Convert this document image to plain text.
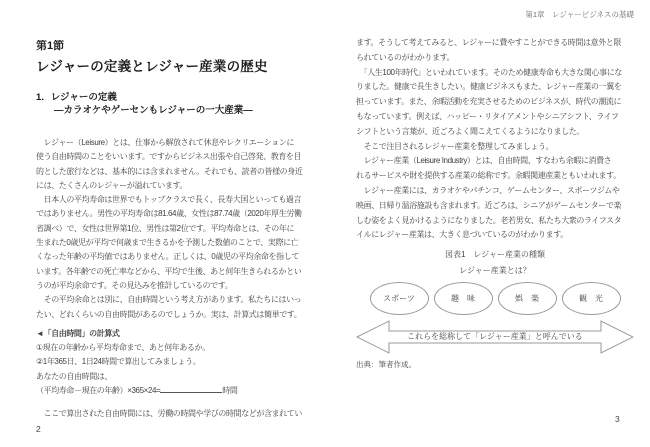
第1節
レジャーの定義とレジャー産業の歴史
1．レジャーの定義
―カラオケやゲーセンもレジャーの一大産業―
　レジャー（Leisure）とは、仕事から解放されて休息やレクリエーションに
使う自由時間のことをいいます。ですからビジネス出張や自己啓発、教育を目
的とした旅行などは、基本的には含まれません。それでも、読者の皆様の身近
には、たくさんのレジャーが溢れています。
　日本人の平均寿命は世界でもトップクラスで長く、長寿大国といっても過言
ではありません。男性の平均寿命は81.64歳、女性は87.74歳（2020年厚生労働
省調べ）で、女性は世界第1位、男性は第2位です。平均寿命とは、その年に
生まれた0歳児が平均で何歳まで生きるかを予測した数値のことで、実際に亡
くなった年齢の平均値ではありません。正しくは、0歳児の平均余命を指して
います。各年齢での死亡率などから、平均で生後、あと何年生きられるかとい
うのが平均余命です。その見込みを推計しているのです。
　その平均余命とは別に、自由時間という考え方があります。私たちにはいっ
たい、どれくらいの自由時間があるのでしょうか。実は、計算式は簡単です。
◄「自由時間」の計算式
①現在の年齢から平均寿命まで、あと何年あるか。
②1年365日、1日24時間で算出してみましょう。
あなたの自由時間は、
（平均寿命－現在の年齢）×365×24=	時間
　ここで算出された自由時間には、労働の時間や学びの時間などが含まれてい
第1章　レジャービジネスの基礎
ます。そうして考えてみると、レジャーに費やすことができる時間は意外と限
られているのがわかります。
　「人生100年時代」といわれています。そのため健康寿命も大きな関心事にな
りました。健康で長生きしたい。健康ビジネスもまた、レジャー産業の一翼を
担っています。また、余暇活動を充実させるためのビジネスが、時代の潮流に
もなっています。例えば、ハッピー・リタイアメントやシニアシフト、ライフ
シフトという言葉が、近ごろよく聞こえてくるようになりました。
　そこで注目されるレジャー産業を整理してみましょう。
　レジャー産業（Leisure Industry）とは、自由時間、すなわち余暇に消費さ
れるサービスや財を提供する産業の総称です。余暇関連産業ともいわれます。
　レジャー産業には、カラオケやパチンコ、ゲームセンター、スポーツジムや
映画、日帰り温浴施設も含まれます。近ごろは、シニアがゲームセンターで楽
しむ姿をよく見かけるようになりました。老若男女、私たち大衆のライフスタ
イルにレジャー産業は、大きく息づいているのがわかります。
図表1　レジャー産業の種類
レジャー産業とは？
スポーツ	趣　味	娯　楽	観　光
これらを総称して「レジャー産業」と呼んでいる
出典：筆者作成。
2
3
